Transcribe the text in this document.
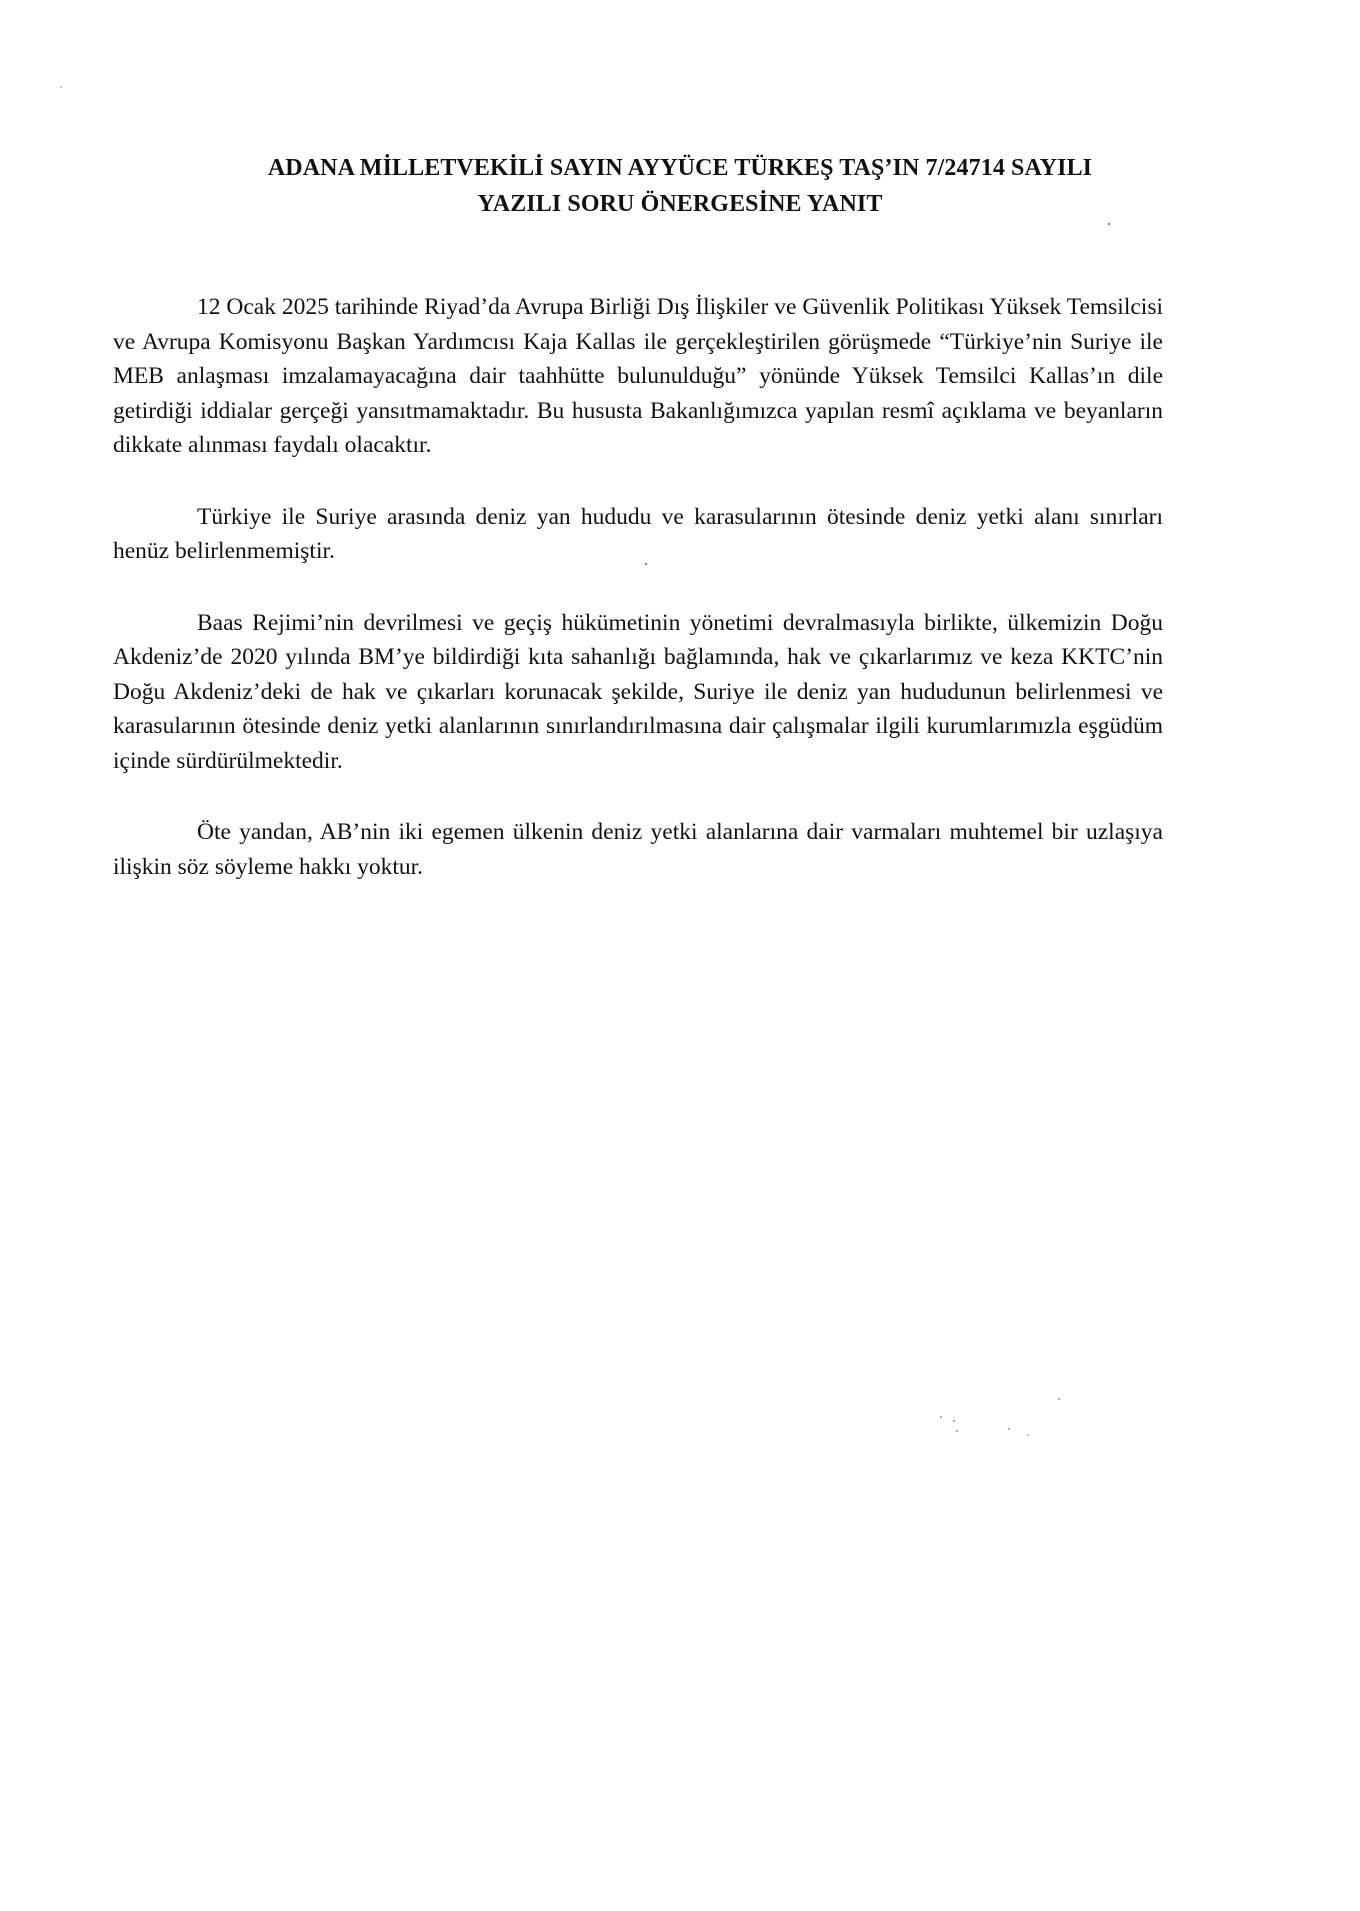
ADANA MİLLETVEKİLİ SAYIN AYYÜCE TÜRKEŞ TAŞ’IN 7/24714 SAYILI
YAZILI SORU ÖNERGESİNE YANIT

12 Ocak 2025 tarihinde Riyad’da Avrupa Birliği Dış İlişkiler ve Güvenlik Politikası Yüksek Temsilcisi ve Avrupa Komisyonu Başkan Yardımcısı Kaja Kallas ile gerçekleştirilen görüşmede “Türkiye’nin Suriye ile MEB anlaşması imzalamayacağına dair taahhütte bulunulduğu” yönünde Yüksek Temsilci Kallas’ın dile getirdiği iddialar gerçeği yansıtmamaktadır. Bu hususta Bakanlığımızca yapılan resmî açıklama ve beyanların dikkate alınması faydalı olacaktır.

Türkiye ile Suriye arasında deniz yan hududu ve karasularının ötesinde deniz yetki alanı sınırları henüz belirlenmemiştir.

Baas Rejimi’nin devrilmesi ve geçiş hükümetinin yönetimi devralmasıyla birlikte, ülkemizin Doğu Akdeniz’de 2020 yılında BM’ye bildirdiği kıta sahanlığı bağlamında, hak ve çıkarlarımız ve keza KKTC’nin Doğu Akdeniz’deki de hak ve çıkarları korunacak şekilde, Suriye ile deniz yan hududunun belirlenmesi ve karasularının ötesinde deniz yetki alanlarının sınırlandırılmasına dair çalışmalar ilgili kurumlarımızla eşgüdüm içinde sürdürülmektedir.

Öte yandan, AB’nin iki egemen ülkenin deniz yetki alanlarına dair varmaları muhtemel bir uzlaşıya ilişkin söz söyleme hakkı yoktur.
